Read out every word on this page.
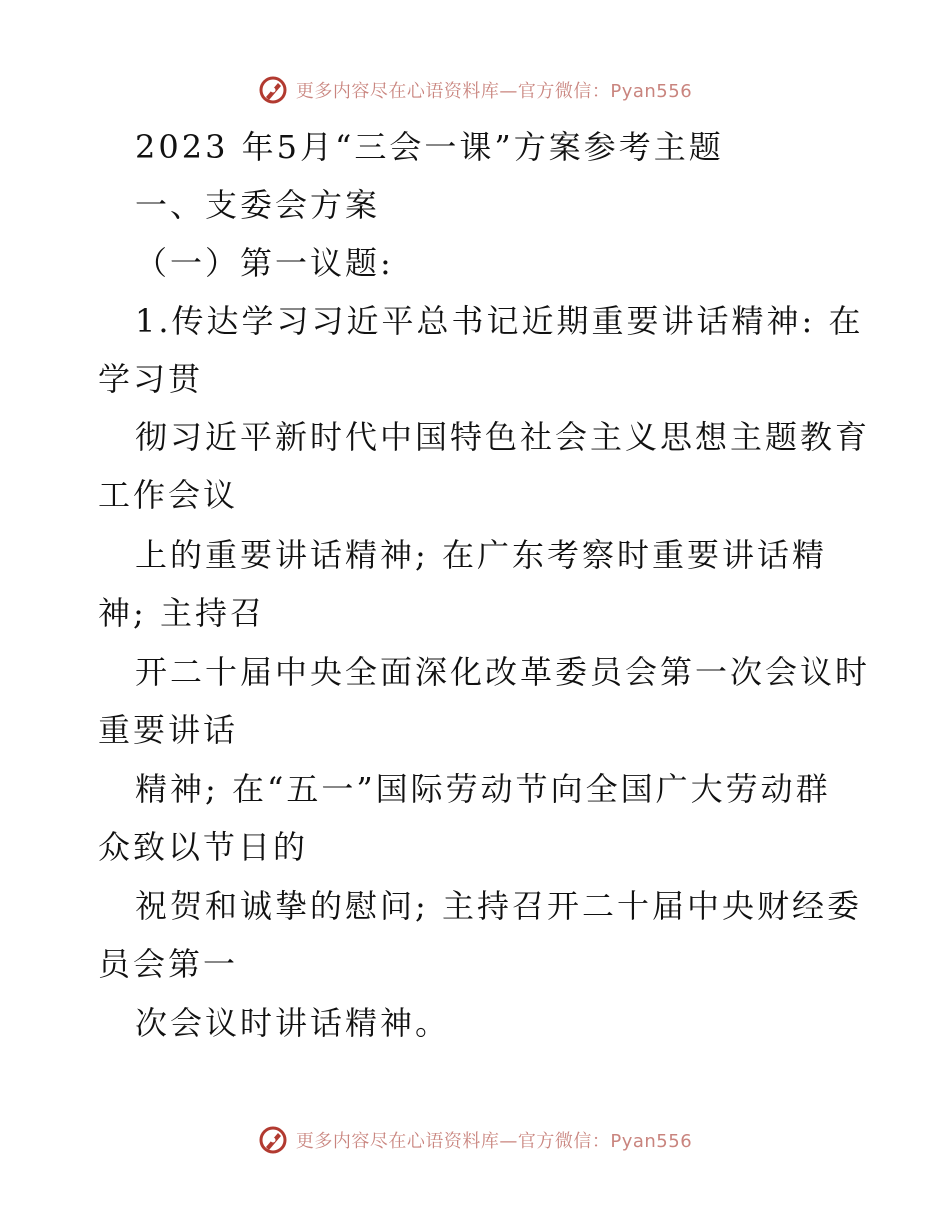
更多内容尽在心语资料库—官方微信：Pyan556
2023 年5月“三会一课”方案参考主题
一、支委会方案
（一）第一议题:
1.传达学习习近平总书记近期重要讲话精神: 在
学习贯
彻习近平新时代中国特色社会主义思想主题教育
工作会议
上的重要讲话精神; 在广东考察时重要讲话精
神; 主持召
开二十届中央全面深化改革委员会第一次会议时
重要讲话
精神; 在“五一”国际劳动节向全国广大劳动群
众致以节日的
祝贺和诚挚的慰问; 主持召开二十届中央财经委
员会第一
次会议时讲话精神。
更多内容尽在心语资料库—官方微信：Pyan556
